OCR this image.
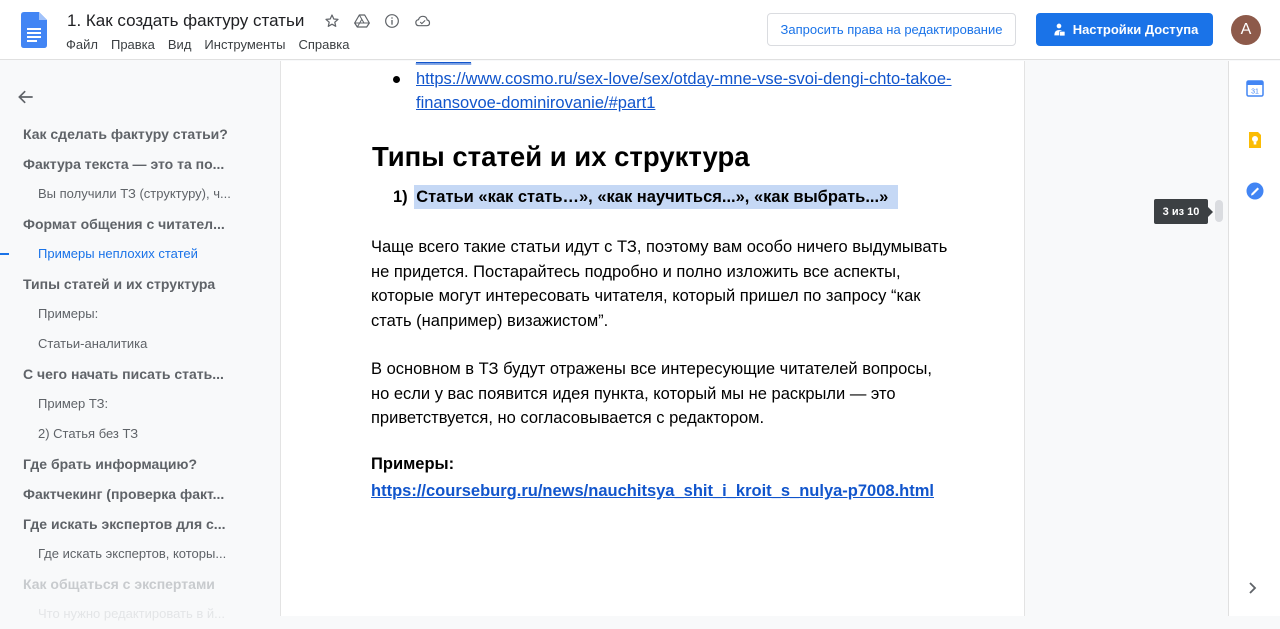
1. Как создать фактуру статьи
Файл Правка Вид Инструменты Справка
Запросить права на редактирование	Настройки Доступа	A
Как сделать фактуру статьи?
Фактура текста — это та по...
Вы получили ТЗ (структуру), ч...
Формат общения с читател...
Примеры неплохих статей
Типы статей и их структура
Примеры:
Статьи-аналитика
С чего начать писать стать...
Пример ТЗ:
2) Статья без ТЗ
Где брать информацию?
Фактчекинг (проверка факт...
Где искать экспертов для с...
Где искать экспертов, которы...
Как общаться с экспертами
Что нужно редактировать в й...
______
https://www.cosmo.ru/sex-love/sex/otday-mne-vse-svoi-dengi-chto-takoe-finansovoe-dominirovanie/#part1
Типы статей и их структура
1) Статьи «как стать…», «как научиться...», «как выбрать...»
Чаще всего такие статьи идут с ТЗ, поэтому вам особо ничего выдумывать не придется. Постарайтесь подробно и полно изложить все аспекты, которые могут интересовать читателя, который пришел по запросу “как стать (например) визажистом”.
В основном в ТЗ будут отражены все интересующие читателей вопросы, но если у вас появится идея пункта, который мы не раскрыли — это приветствуется, но согласовывается с редактором.
Примеры:
https://courseburg.ru/news/nauchitsya_shit_i_kroit_s_nulya-p7008.html
3 из 10
31
